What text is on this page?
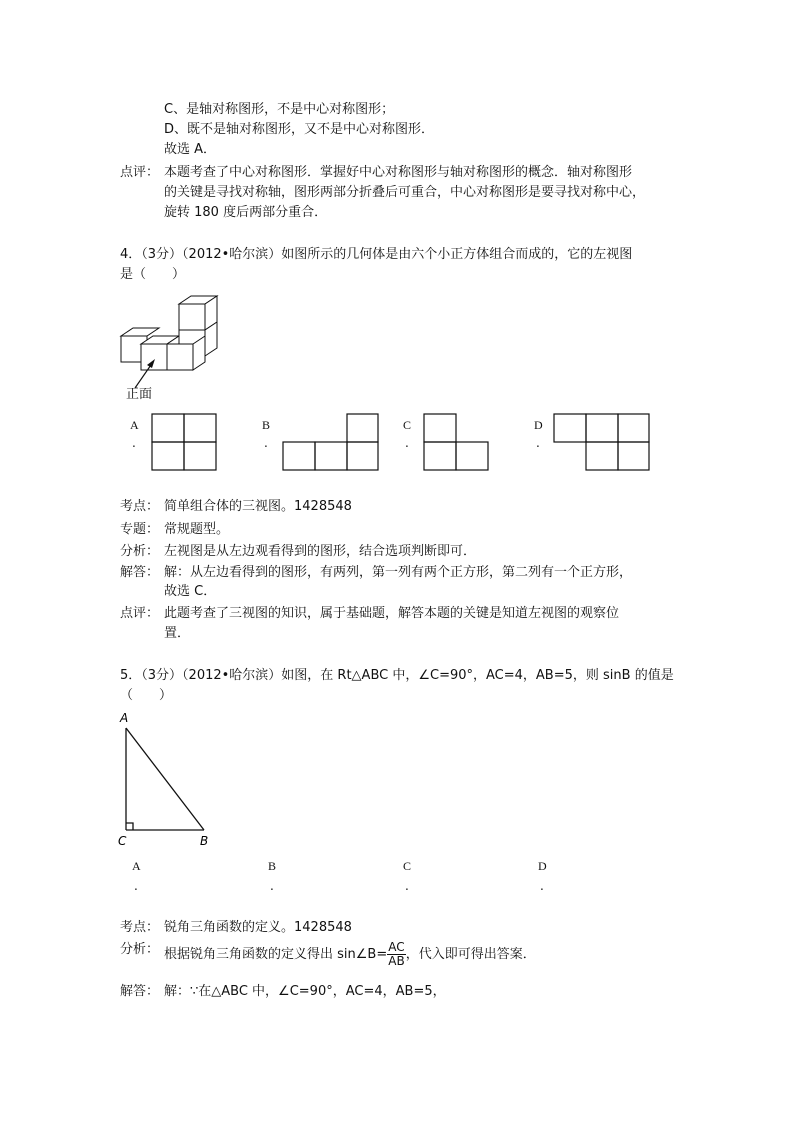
C、是轴对称图形，不是中心对称图形；
D、既不是轴对称图形，又不是中心对称图形．
故选 A．
点评： 本题考查了中心对称图形．掌握好中心对称图形与轴对称图形的概念．轴对称图形
的关键是寻找对称轴，图形两部分折叠后可重合，中心对称图形是要寻找对称中心，
旋转 180 度后两部分重合．
4．（3分）（2012•哈尔滨）如图所示的几何体是由六个小正方体组合而成的，它的左视图
是（　　）
正面
A
.
B
.
C
.
D
.
考点： 简单组合体的三视图。1428548
专题： 常规题型。
分析： 左视图是从左边观看得到的图形，结合选项判断即可．
解答： 解：从左边看得到的图形，有两列，第一列有两个正方形，第二列有一个正方形，
故选 C．
点评： 此题考查了三视图的知识，属于基础题，解答本题的关键是知道左视图的观察位
置．
5．（3分）（2012•哈尔滨）如图，在 Rt△ABC 中，∠C=90°，AC=4，AB=5，则 sinB 的值是
（　　）
A
C	B
A
.
B
.
C
.
D
.
考点： 锐角三角函数的定义。1428548
分析： 根据锐角三角函数的定义得出 sin∠B= $\frac{AC}{AB}$ ，代入即可得出答案．
解答： 解：∵在△ABC 中，∠C=90°，AC=4，AB=5，
